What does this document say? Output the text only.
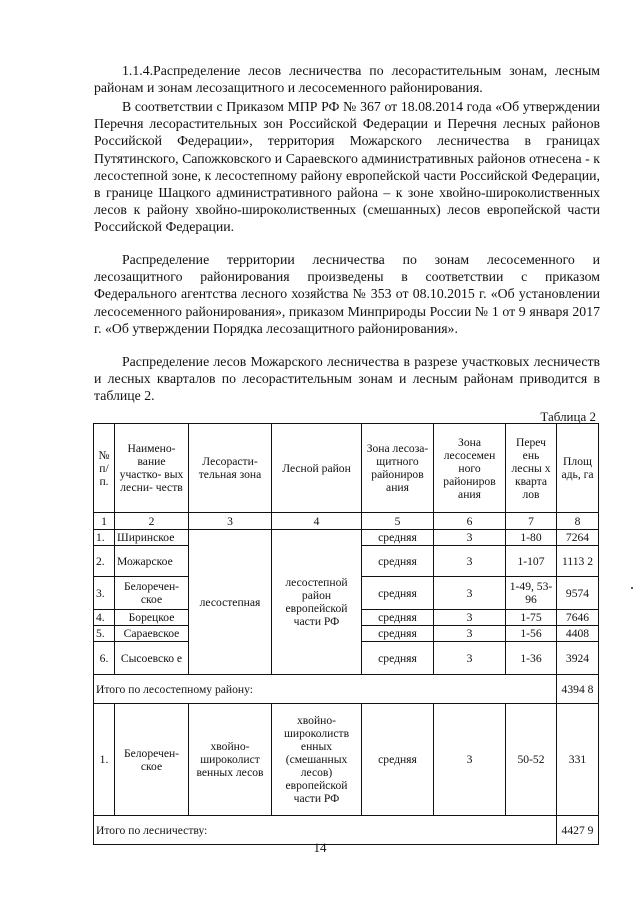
1.1.4.Распределение лесов лесничества по лесорастительным зонам, лесным районам и зонам лесозащитного и лесосеменного районирования.

В соответствии с Приказом МПР РФ № 367 от 18.08.2014 года «Об утверждении Перечня лесорастительных зон Российской Федерации и Перечня лесных районов Российской Федерации», территория Можарского лесничества в границах Путятинского, Сапожковского и Сараевского административных районов отнесена - к лесостепной зоне, к лесостепному району европейской части Российской Федерации, в границе Шацкого административного района – к зоне хвойно-широколиственных лесов к району хвойно-широколиственных (смешанных) лесов европейской части Российской Федерации.

Распределение территории лесничества по зонам лесосеменного и лесозащитного районирования произведены в соответствии с приказом Федерального агентства лесного хозяйства № 353 от 08.10.2015 г. «Об установлении лесосеменного районирования», приказом Минприроды России № 1 от 9 января 2017 г. «Об утверждении Порядка лесозащитного районирования».

Распределение лесов Можарского лесничества в разрезе участковых лесничеств и лесных кварталов по лесорастительным зонам и лесным районам приводится в таблице 2.

Таблица 2
№ п/ п.	Наимено- вание участко- вых лесни- честв	Лесорасти- тельная зона	Лесной район	Зона лесоза- щитного райониров ания	Зона лесосемен ного райониров ания	Переч ень лесны х кварта лов	Площ адь, га
1	2	3	4	5	6	7	8
1.	Ширинское	лесостепная	лесостепной район европейской части РФ	средняя	3	1-80	7264
2.	Можарское			средняя	3	1-107	1113 2
3.	Белоречен- ское			средняя	3	1-49, 53-96	9574
4.	Борецкое			средняя	3	1-75	7646
5.	Сараевское			средняя	3	1-56	4408
6.	Сысоевско е			средняя	3	1-36	3924
Итого по лесостепному району:							4394 8
1.	Белоречен- ское	хвойно- широколист венных лесов	хвойно- широколиств енных (смешанных лесов) европейской части РФ	средняя	3	50-52	331
Итого по лесничеству:							4427 9
14
